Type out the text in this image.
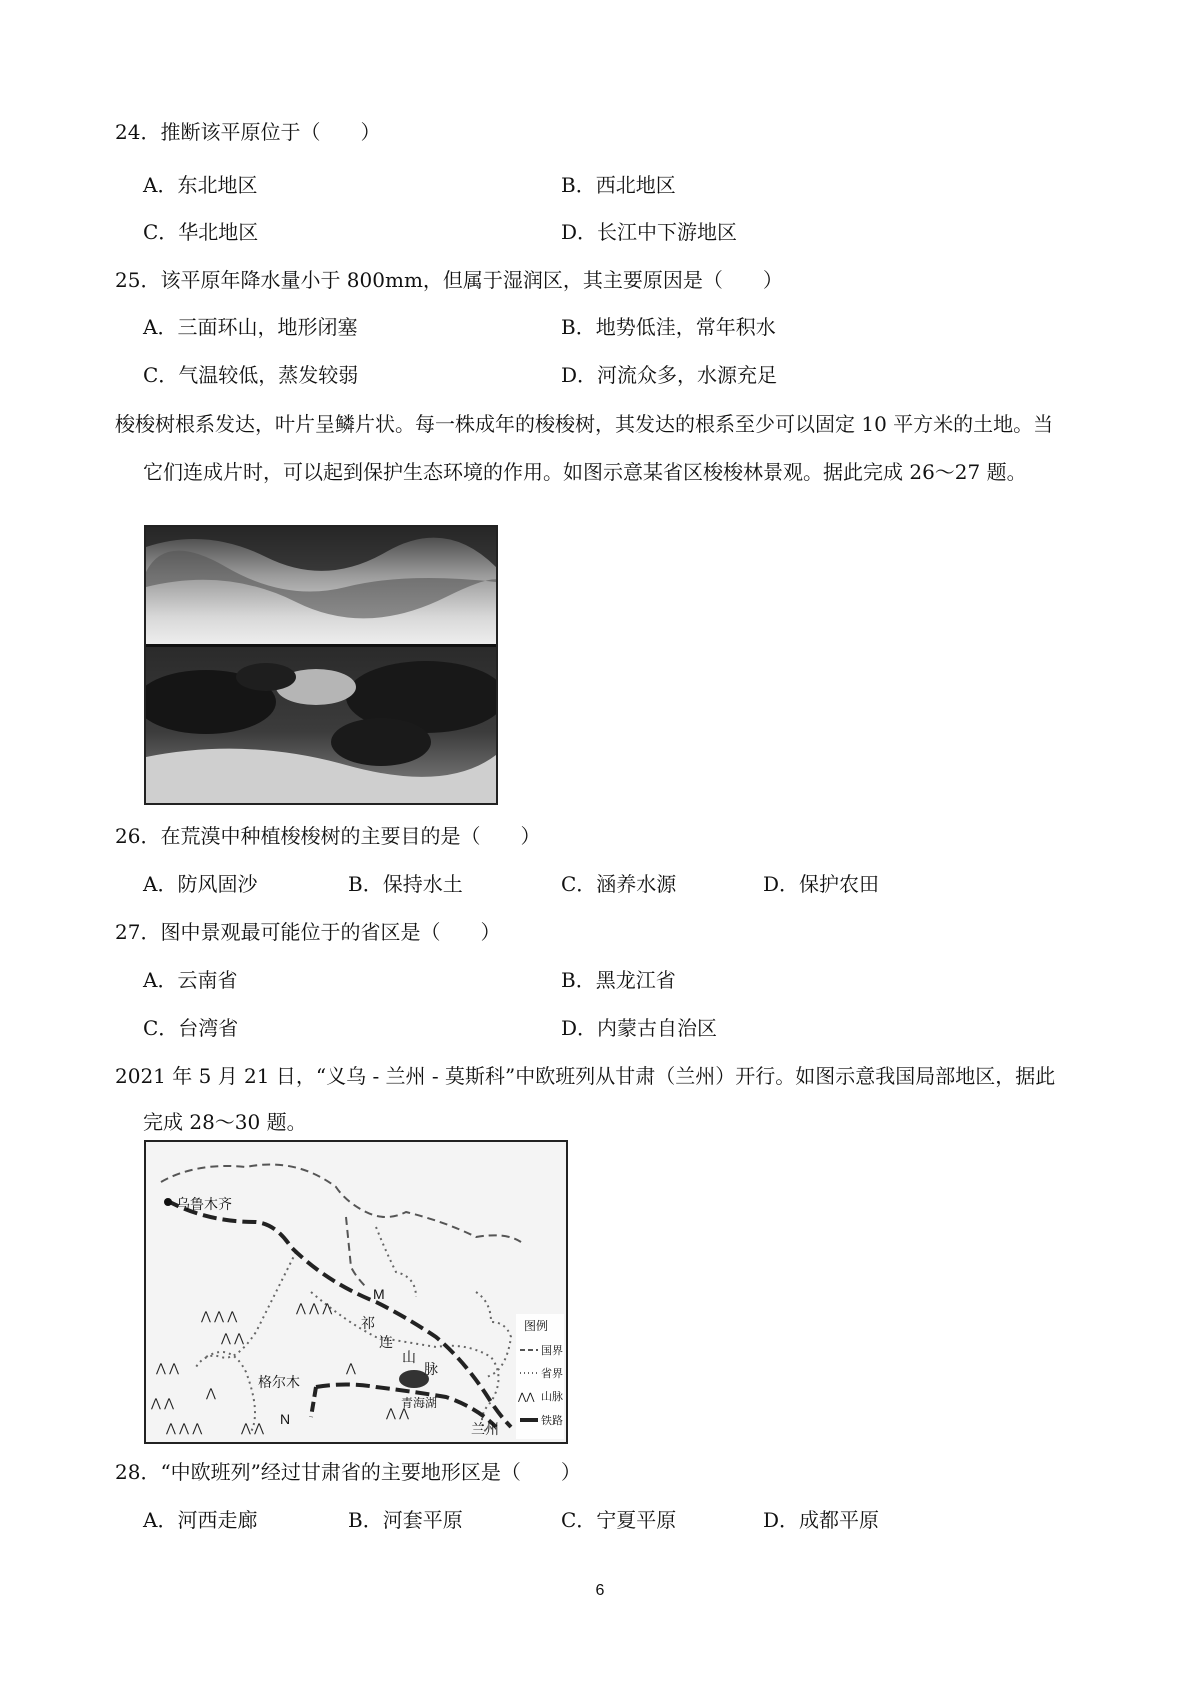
24．推断该平原位于（　　）
A．东北地区	B．西北地区
C．华北地区	D．长江中下游地区
25．该平原年降水量小于 800mm，但属于湿润区，其主要原因是（　　）
A．三面环山，地形闭塞	B．地势低洼，常年积水
C．气温较低，蒸发较弱	D．河流众多，水源充足
梭梭树根系发达，叶片呈鳞片状。每一株成年的梭梭树，其发达的根系至少可以固定 10 平方米的土地。当
它们连成片时，可以起到保护生态环境的作用。如图示意某省区梭梭林景观。据此完成 26～27 题。
26．在荒漠中种植梭梭树的主要目的是（　　）
A．防风固沙	B．保持水土	C．涵养水源	D．保护农田
27．图中景观最可能位于的省区是（　　）
A．云南省	B．黑龙江省
C．台湾省	D．内蒙古自治区
2021 年 5 月 21 日，“义乌 - 兰州 - 莫斯科”中欧班列从甘肃（兰州）开行。如图示意我国局部地区，据此
完成 28～30 题。
⋀ ⋀ ⋀
⋀ ⋀ ⋀
⋀ ⋀
⋀ ⋀
⋀ ⋀
⋀
⋀ ⋀ ⋀	⋀ ⋀
⋀
⋀ ⋀
乌鲁木齐
M
祁
连
山
脉
格尔木
N
青海湖
兰州
图例
国界
省界
⋀⋀ 山脉
铁路
28．“中欧班列”经过甘肃省的主要地形区是（　　）
A．河西走廊	B．河套平原	C．宁夏平原	D．成都平原
6
